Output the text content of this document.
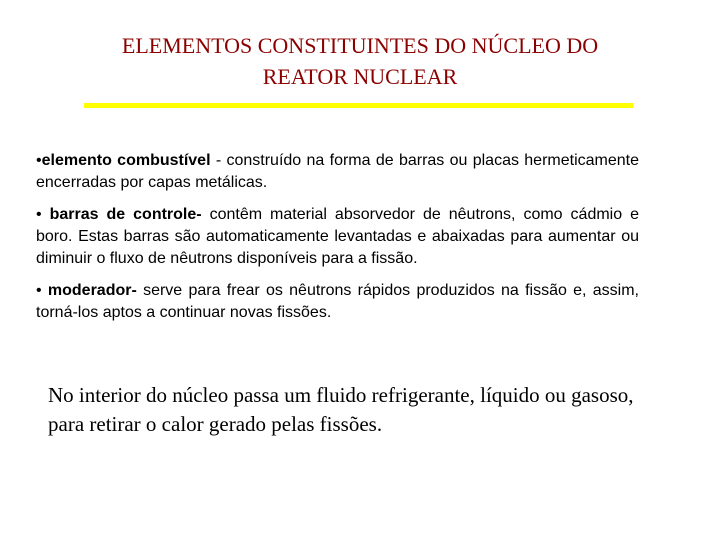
ELEMENTOS CONSTITUINTES DO NÚCLEO DO
REATOR NUCLEAR

•elemento combustível - construído na forma de barras ou placas hermeticamente encerradas por capas metálicas.

• barras de controle- contêm material absorvedor de nêutrons, como cádmio e boro. Estas barras são automaticamente levantadas e abaixadas para aumentar ou diminuir o fluxo de nêutrons disponíveis para a fissão.

• moderador- serve para frear os nêutrons rápidos produzidos na fissão e, assim, torná-los aptos a continuar novas fissões.

No interior do núcleo passa um fluido refrigerante, líquido ou gasoso, para retirar o calor gerado pelas fissões.
